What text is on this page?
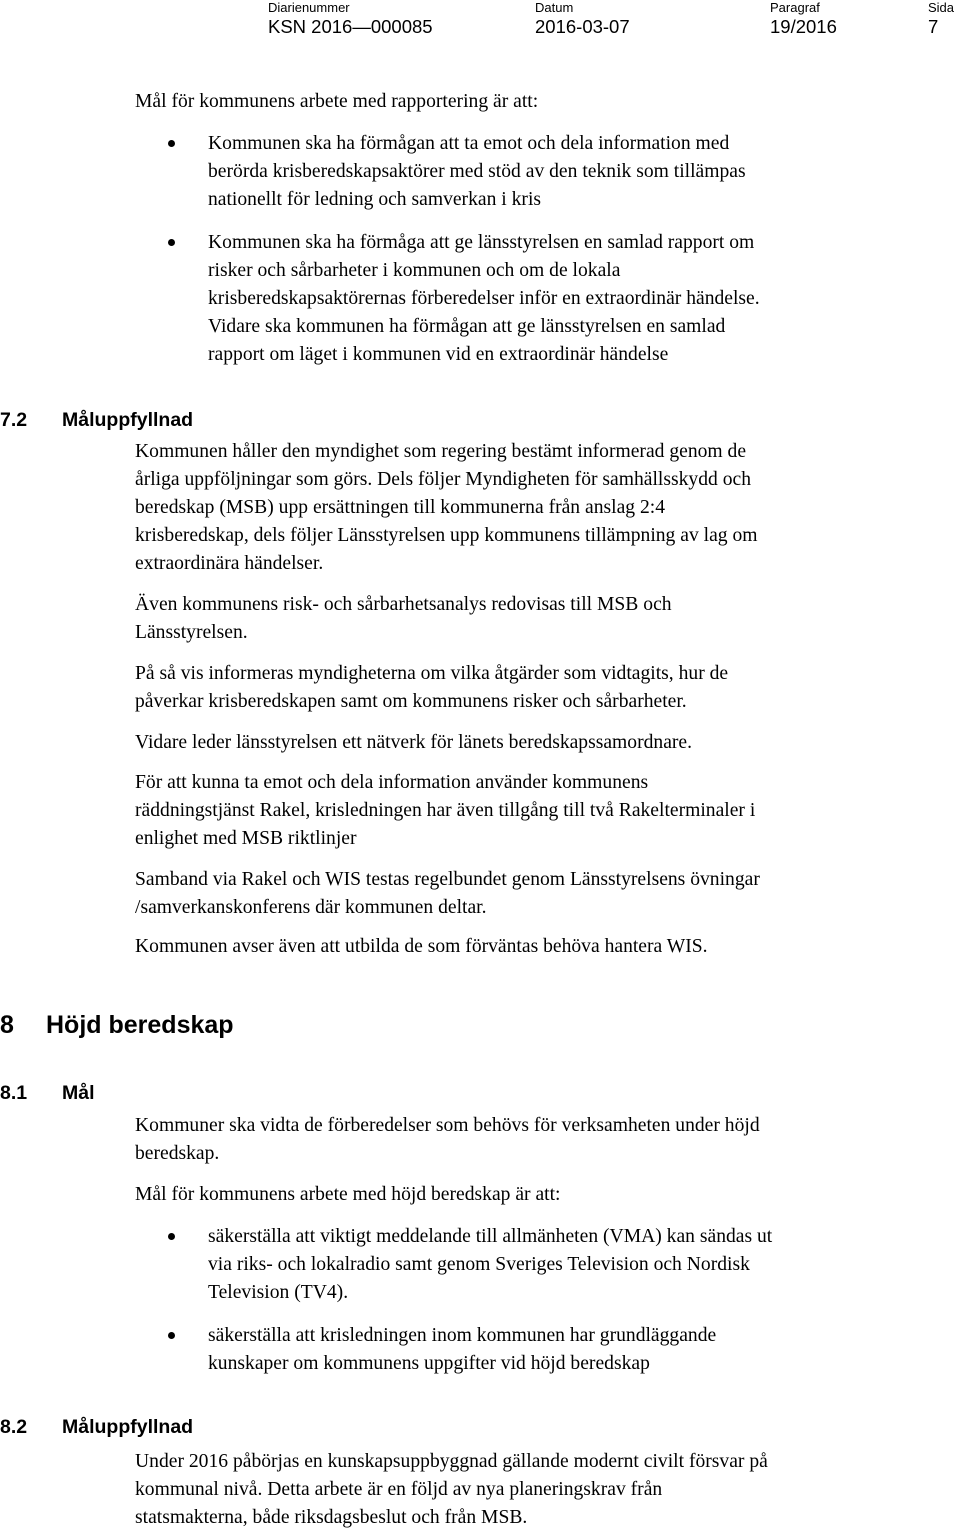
Diarienummer
KSN 2016—000085
Datum
2016-03-07
Paragraf
19/2016
Sida
7
Mål för kommunens arbete med rapportering är att:
Kommunen ska ha förmågan att ta emot och dela information med
berörda krisberedskapsaktörer med stöd av den teknik som tillämpas
nationellt för ledning och samverkan i kris
Kommunen ska ha förmåga att ge länsstyrelsen en samlad rapport om
risker och sårbarheter i kommunen och om de lokala
krisberedskapsaktörernas förberedelser inför en extraordinär händelse.
Vidare ska kommunen ha förmågan att ge länsstyrelsen en samlad
rapport om läget i kommunen vid en extraordinär händelse
7.2 Måluppfyllnad
Kommunen håller den myndighet som regering bestämt informerad genom de
årliga uppföljningar som görs. Dels följer Myndigheten för samhällsskydd och
beredskap (MSB) upp ersättningen till kommunerna från anslag 2:4
krisberedskap, dels följer Länsstyrelsen upp kommunens tillämpning av lag om
extraordinära händelser.
Även kommunens risk- och sårbarhetsanalys redovisas till MSB och
Länsstyrelsen.
På så vis informeras myndigheterna om vilka åtgärder som vidtagits, hur de
påverkar krisberedskapen samt om kommunens risker och sårbarheter.
Vidare leder länsstyrelsen ett nätverk för länets beredskapssamordnare.
För att kunna ta emot och dela information använder kommunens
räddningstjänst Rakel, krisledningen har även tillgång till två Rakelterminaler i
enlighet med MSB riktlinjer
Samband via Rakel och WIS testas regelbundet genom Länsstyrelsens övningar
/samverkanskonferens där kommunen deltar.
Kommunen avser även att utbilda de som förväntas behöva hantera WIS.
8 Höjd beredskap
8.1 Mål
Kommuner ska vidta de förberedelser som behövs för verksamheten under höjd
beredskap.
Mål för kommunens arbete med höjd beredskap är att:
säkerställa att viktigt meddelande till allmänheten (VMA) kan sändas ut
via riks- och lokalradio samt genom Sveriges Television och Nordisk
Television (TV4).
säkerställa att krisledningen inom kommunen har grundläggande
kunskaper om kommunens uppgifter vid höjd beredskap
8.2 Måluppfyllnad
Under 2016 påbörjas en kunskapsuppbyggnad gällande modernt civilt försvar på
kommunal nivå. Detta arbete är en följd av nya planeringskrav från
statsmakterna, både riksdagsbeslut och från MSB.
